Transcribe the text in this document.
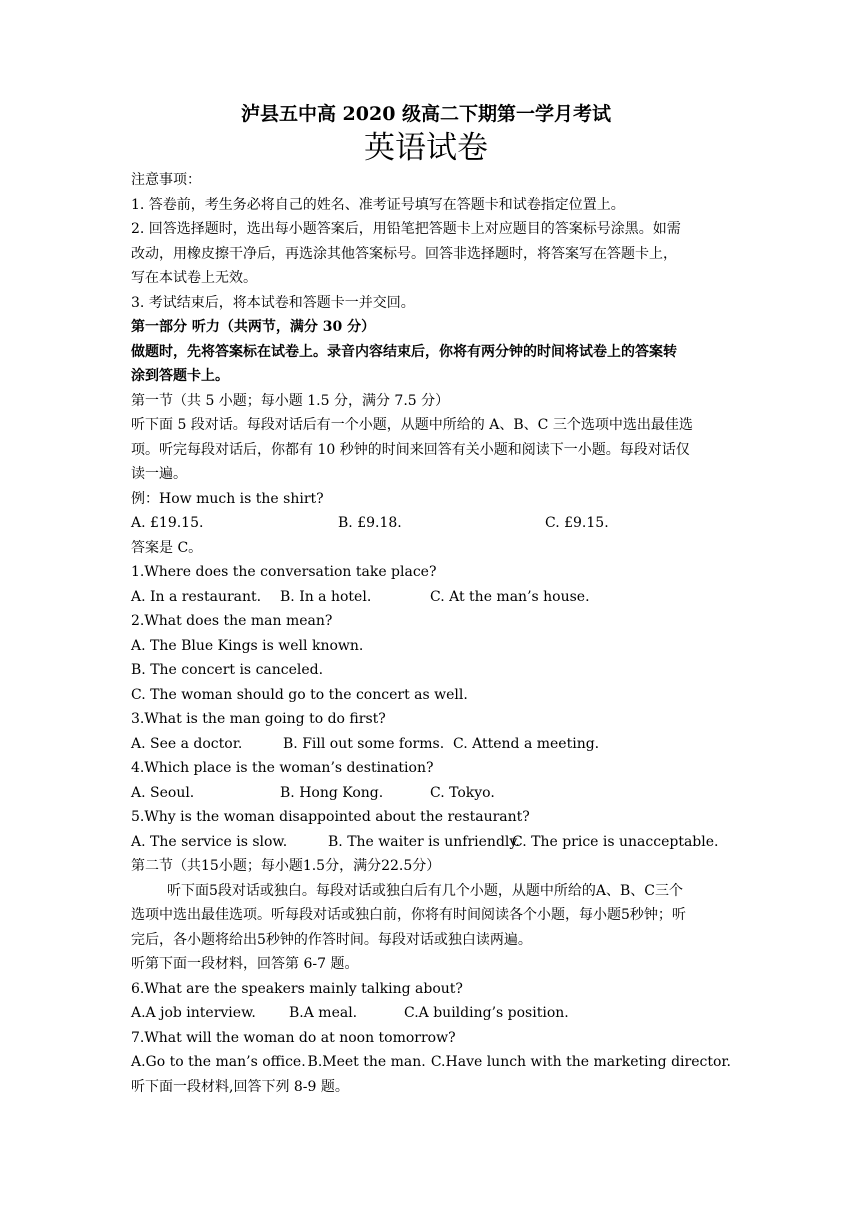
泸县五中高 2020 级高二下期第一学月考试
英语试卷
注意事项：
1. 答卷前，考生务必将自己的姓名、准考证号填写在答题卡和试卷指定位置上。
2. 回答选择题时，选出每小题答案后，用铅笔把答题卡上对应题目的答案标号涂黑。如需
改动，用橡皮擦干净后，再选涂其他答案标号。回答非选择题时，将答案写在答题卡上，
写在本试卷上无效。
3. 考试结束后，将本试卷和答题卡一并交回。
第一部分 听力（共两节，满分 30 分）
做题时，先将答案标在试卷上。录音内容结束后，你将有两分钟的时间将试卷上的答案转
涂到答题卡上。
第一节（共 5 小题；每小题 1.5 分，满分 7.5 分）
听下面 5 段对话。每段对话后有一个小题，从题中所给的 A、B、C 三个选项中选出最佳选
项。听完每段对话后，你都有 10 秒钟的时间来回答有关小题和阅读下一小题。每段对话仅
读一遍。
例：How much is the shirt?
A. £19.15.	B. £9.18.	C. £9.15.
答案是 C。
1.Where does the conversation take place?
A. In a restaurant.	B. In a hotel.	C. At the man’s house.
2.What does the man mean?
A. The Blue Kings is well known.
B. The concert is canceled.
C. The woman should go to the concert as well.
3.What is the man going to do first?
A. See a doctor.	B. Fill out some forms. C. Attend a meeting.
4.Which place is the woman’s destination?
A. Seoul.	B. Hong Kong.	C. Tokyo.
5.Why is the woman disappointed about the restaurant?
A. The service is slow.	B. The waiter is unfriendly.
C. The price is unacceptable.
第二节（共15小题；每小题1.5分，满分22.5分）
听下面5段对话或独白。每段对话或独白后有几个小题，从题中所给的A、B、C三个
选项中选出最佳选项。听每段对话或独白前，你将有时间阅读各个小题，每小题5秒钟；听
完后，各小题将给出5秒钟的作答时间。每段对话或独白读两遍。
听第下面一段材料，回答第 6-7 题。
6.What are the speakers mainly talking about?
A.A job interview.	B.A meal.	C.A building’s position.
7.What will the woman do at noon tomorrow?
A.Go to the man’s office. B.Meet the man. C.Have lunch with the marketing director.
听下面一段材料,回答下列 8-9 题。
